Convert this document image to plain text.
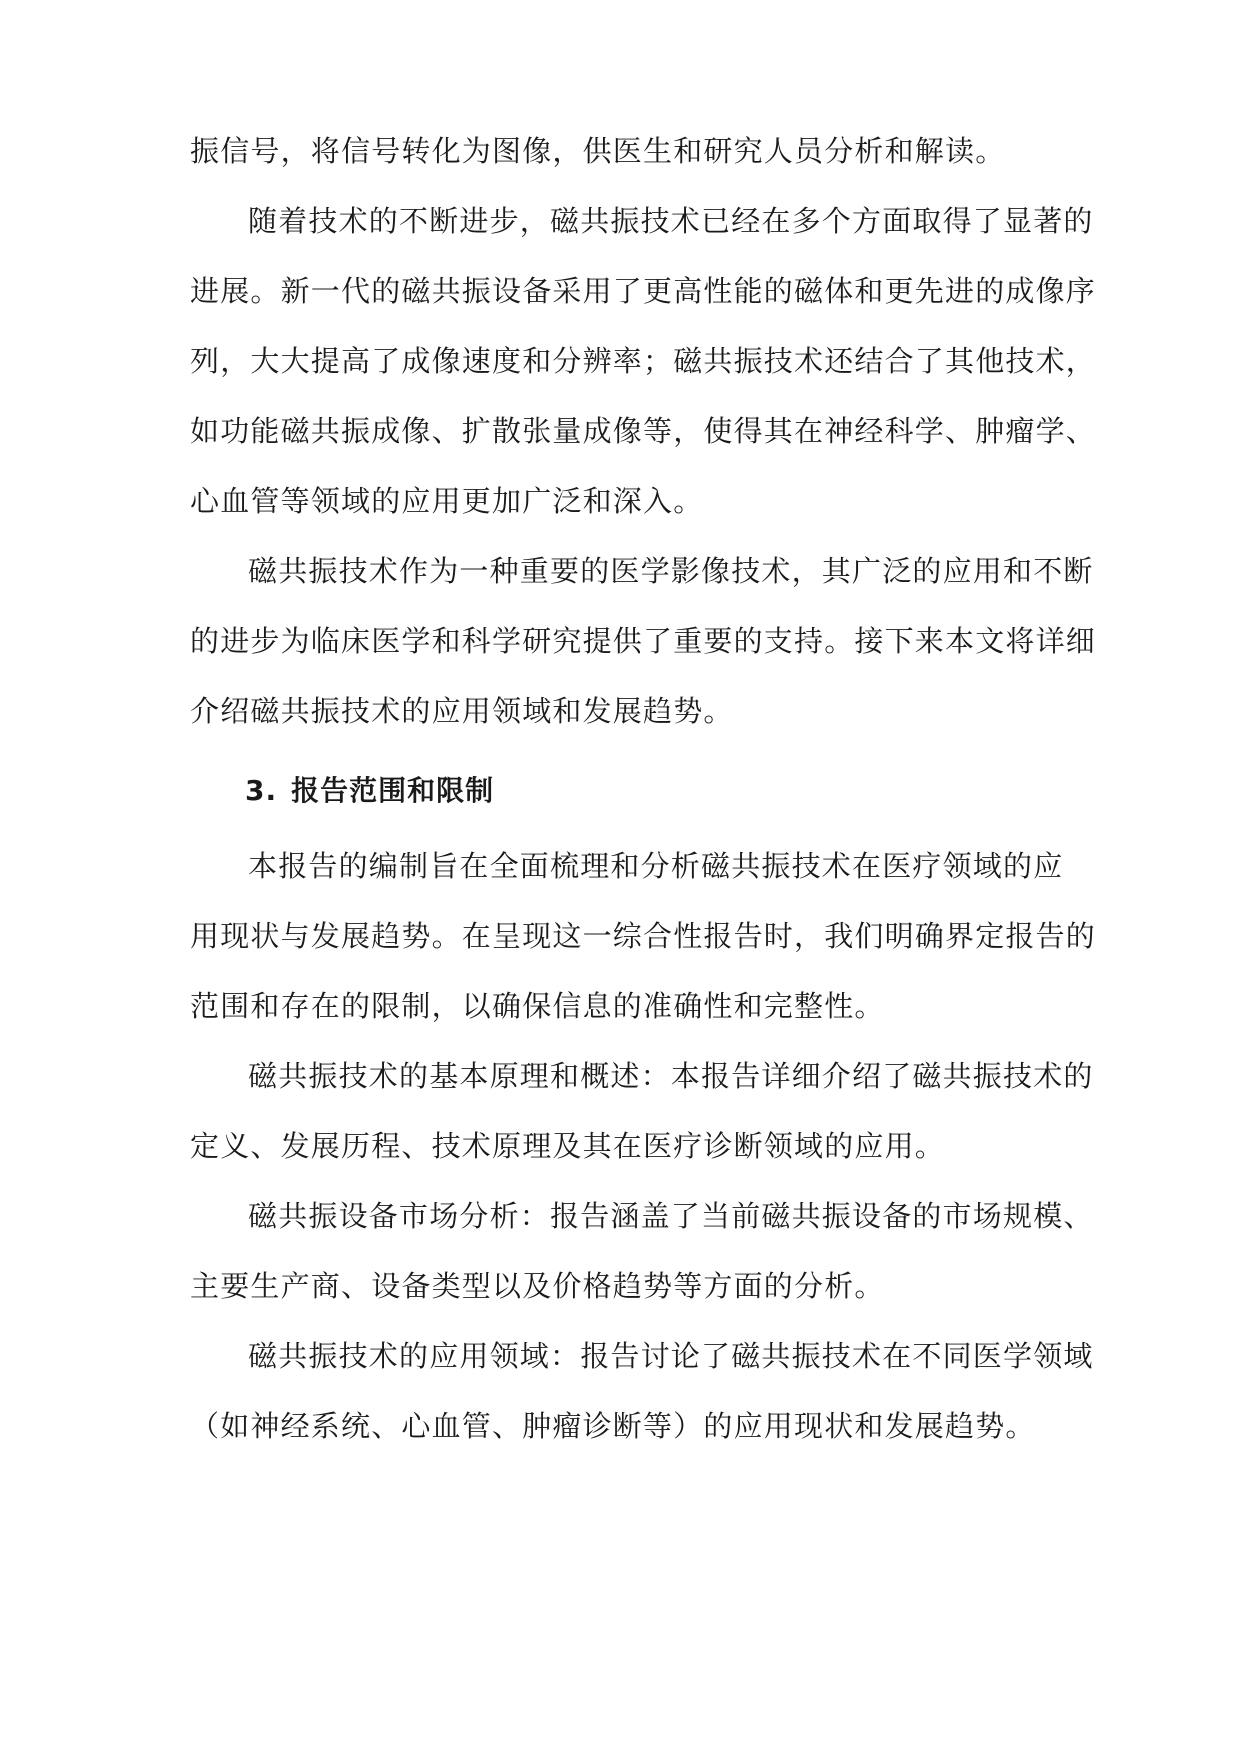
振信号，将信号转化为图像，供医生和研究人员分析和解读。
随着技术的不断进步，磁共振技术已经在多个方面取得了显著的
进展。新一代的磁共振设备采用了更高性能的磁体和更先进的成像序
列，大大提高了成像速度和分辨率；磁共振技术还结合了其他技术，
如功能磁共振成像、扩散张量成像等，使得其在神经科学、肿瘤学、
心血管等领域的应用更加广泛和深入。
磁共振技术作为一种重要的医学影像技术，其广泛的应用和不断
的进步为临床医学和科学研究提供了重要的支持。接下来本文将详细
介绍磁共振技术的应用领域和发展趋势。
3. 报告范围和限制
本报告的编制旨在全面梳理和分析磁共振技术在医疗领域的应
用现状与发展趋势。在呈现这一综合性报告时，我们明确界定报告的
范围和存在的限制，以确保信息的准确性和完整性。
磁共振技术的基本原理和概述：本报告详细介绍了磁共振技术的
定义、发展历程、技术原理及其在医疗诊断领域的应用。
磁共振设备市场分析：报告涵盖了当前磁共振设备的市场规模、
主要生产商、设备类型以及价格趋势等方面的分析。
磁共振技术的应用领域：报告讨论了磁共振技术在不同医学领域
（如神经系统、心血管、肿瘤诊断等）的应用现状和发展趋势。
